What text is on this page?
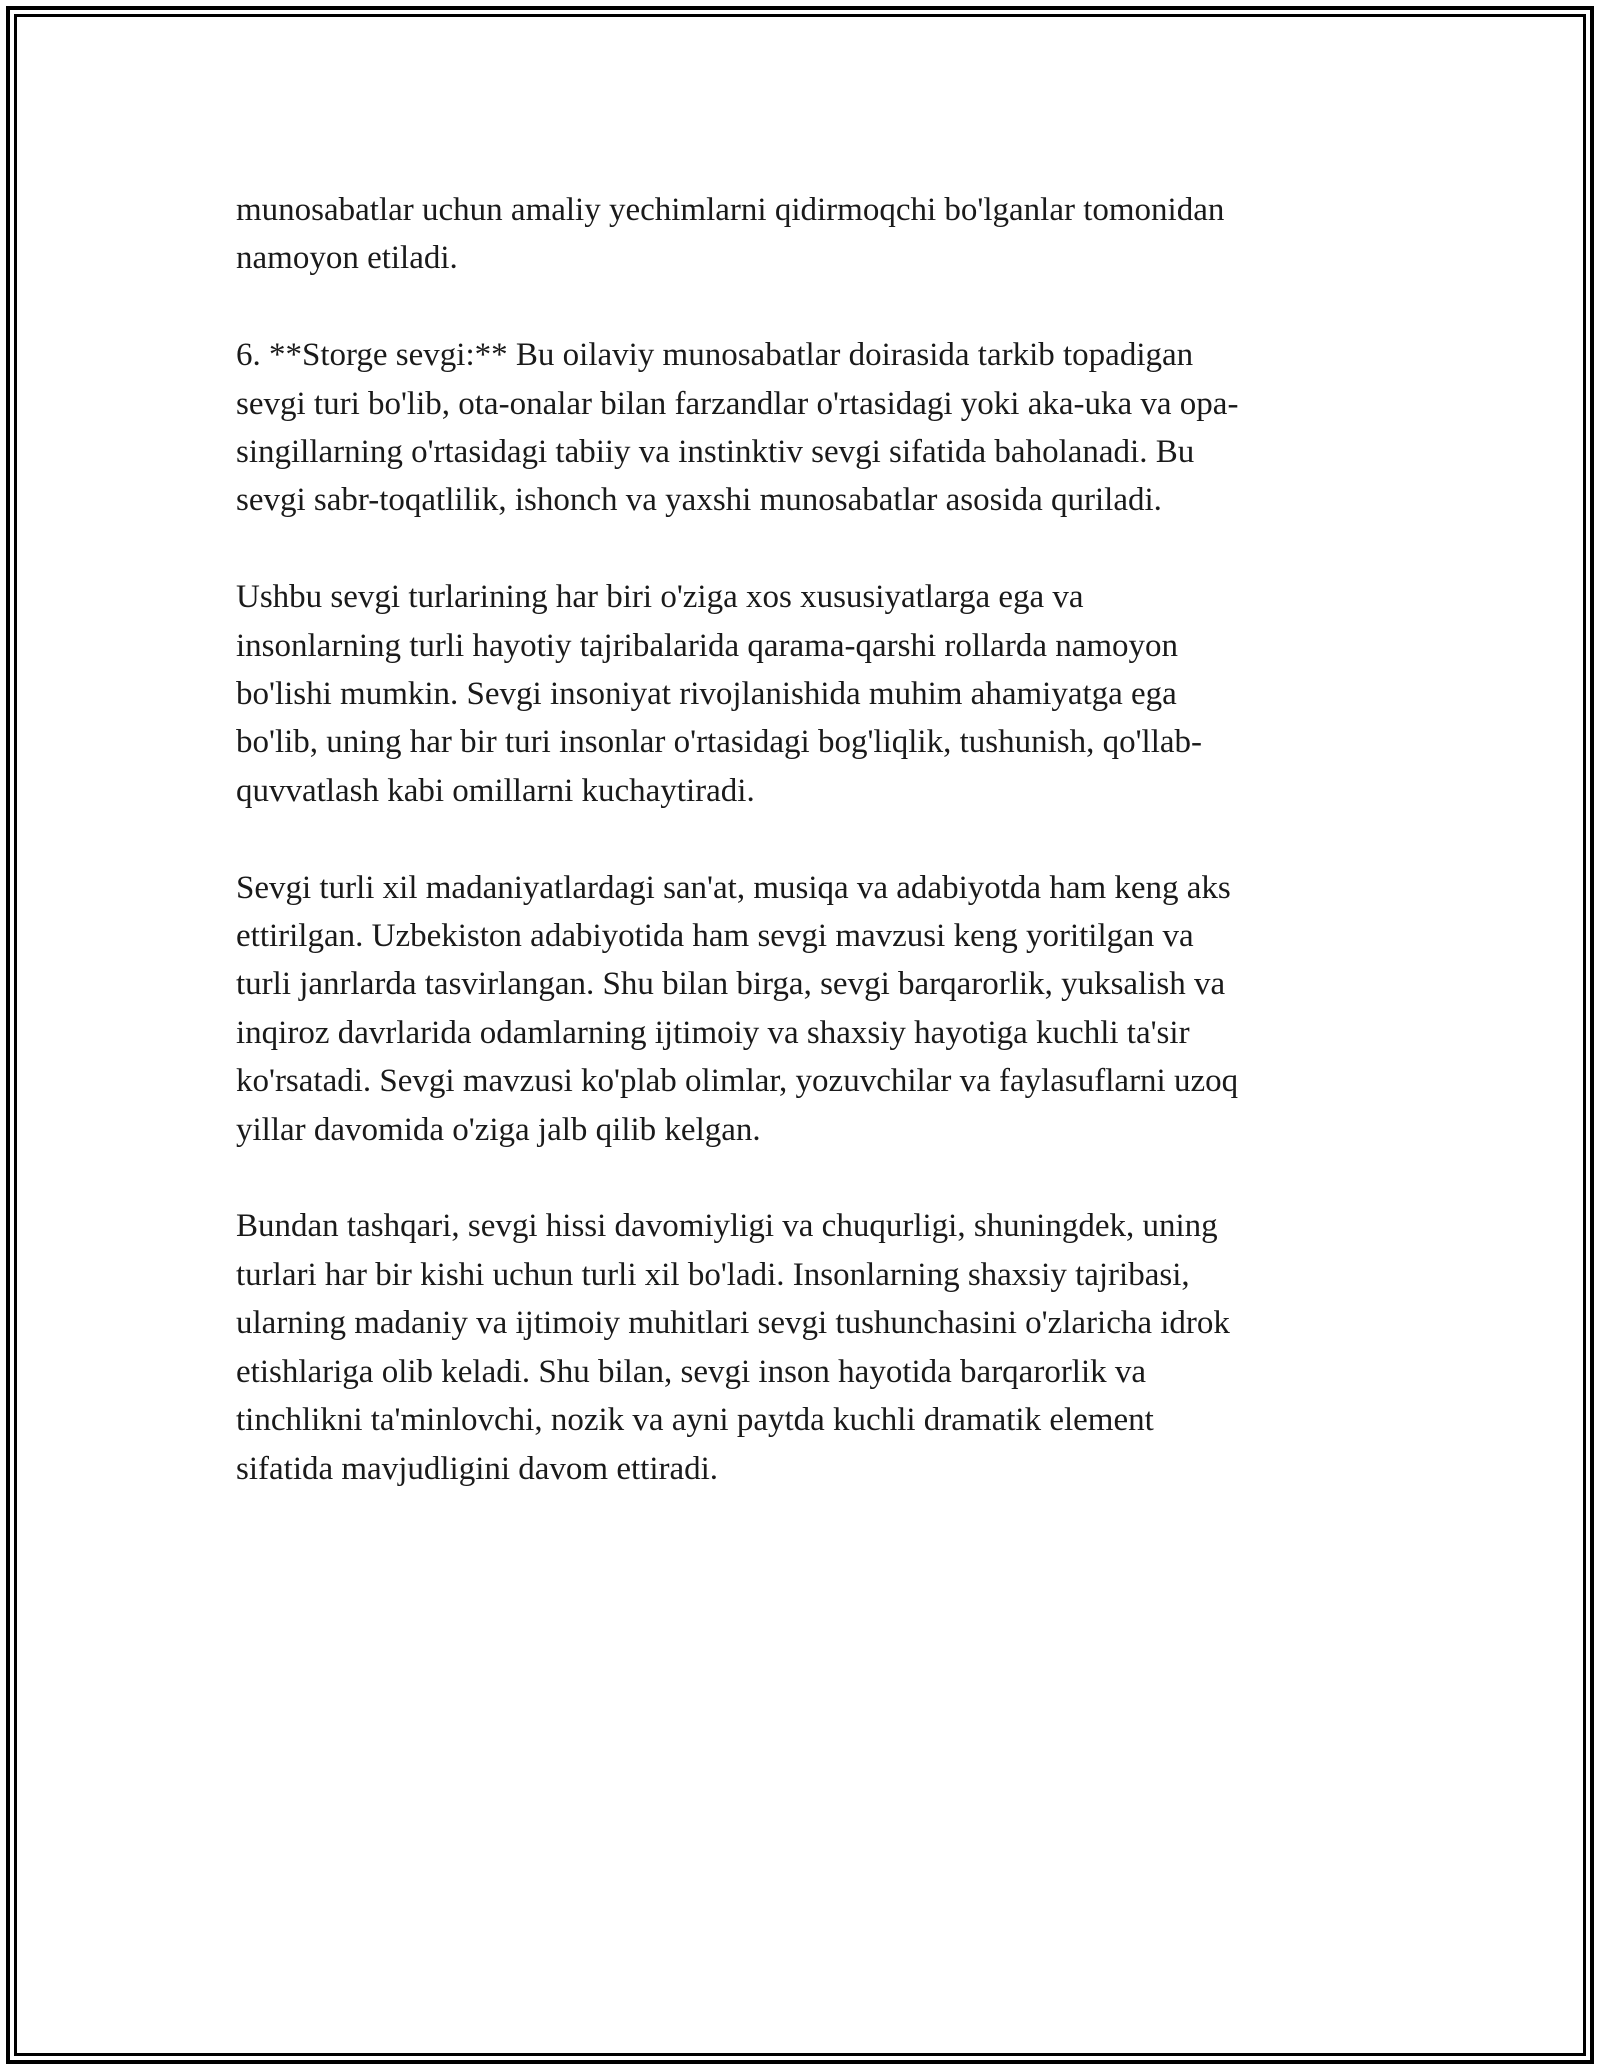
munosabatlar uchun amaliy yechimlarni qidirmoqchi bo'lganlar tomonidan
namoyon etiladi.

6. **Storge sevgi:** Bu oilaviy munosabatlar doirasida tarkib topadigan
sevgi turi bo'lib, ota-onalar bilan farzandlar o'rtasidagi yoki aka-uka va opa-
singillarning o'rtasidagi tabiiy va instinktiv sevgi sifatida baholanadi. Bu
sevgi sabr-toqatlilik, ishonch va yaxshi munosabatlar asosida quriladi.

Ushbu sevgi turlarining har biri o'ziga xos xususiyatlarga ega va
insonlarning turli hayotiy tajribalarida qarama-qarshi rollarda namoyon
bo'lishi mumkin. Sevgi insoniyat rivojlanishida muhim ahamiyatga ega
bo'lib, uning har bir turi insonlar o'rtasidagi bog'liqlik, tushunish, qo'llab-
quvvatlash kabi omillarni kuchaytiradi.

Sevgi turli xil madaniyatlardagi san'at, musiqa va adabiyotda ham keng aks
ettirilgan. Uzbekiston adabiyotida ham sevgi mavzusi keng yoritilgan va
turli janrlarda tasvirlangan. Shu bilan birga, sevgi barqarorlik, yuksalish va
inqiroz davrlarida odamlarning ijtimoiy va shaxsiy hayotiga kuchli ta'sir
ko'rsatadi. Sevgi mavzusi ko'plab olimlar, yozuvchilar va faylasuflarni uzoq
yillar davomida o'ziga jalb qilib kelgan.

Bundan tashqari, sevgi hissi davomiyligi va chuqurligi, shuningdek, uning
turlari har bir kishi uchun turli xil bo'ladi. Insonlarning shaxsiy tajribasi,
ularning madaniy va ijtimoiy muhitlari sevgi tushunchasini o'zlaricha idrok
etishlariga olib keladi. Shu bilan, sevgi inson hayotida barqarorlik va
tinchlikni ta'minlovchi, nozik va ayni paytda kuchli dramatik element
sifatida mavjudligini davom ettiradi.
